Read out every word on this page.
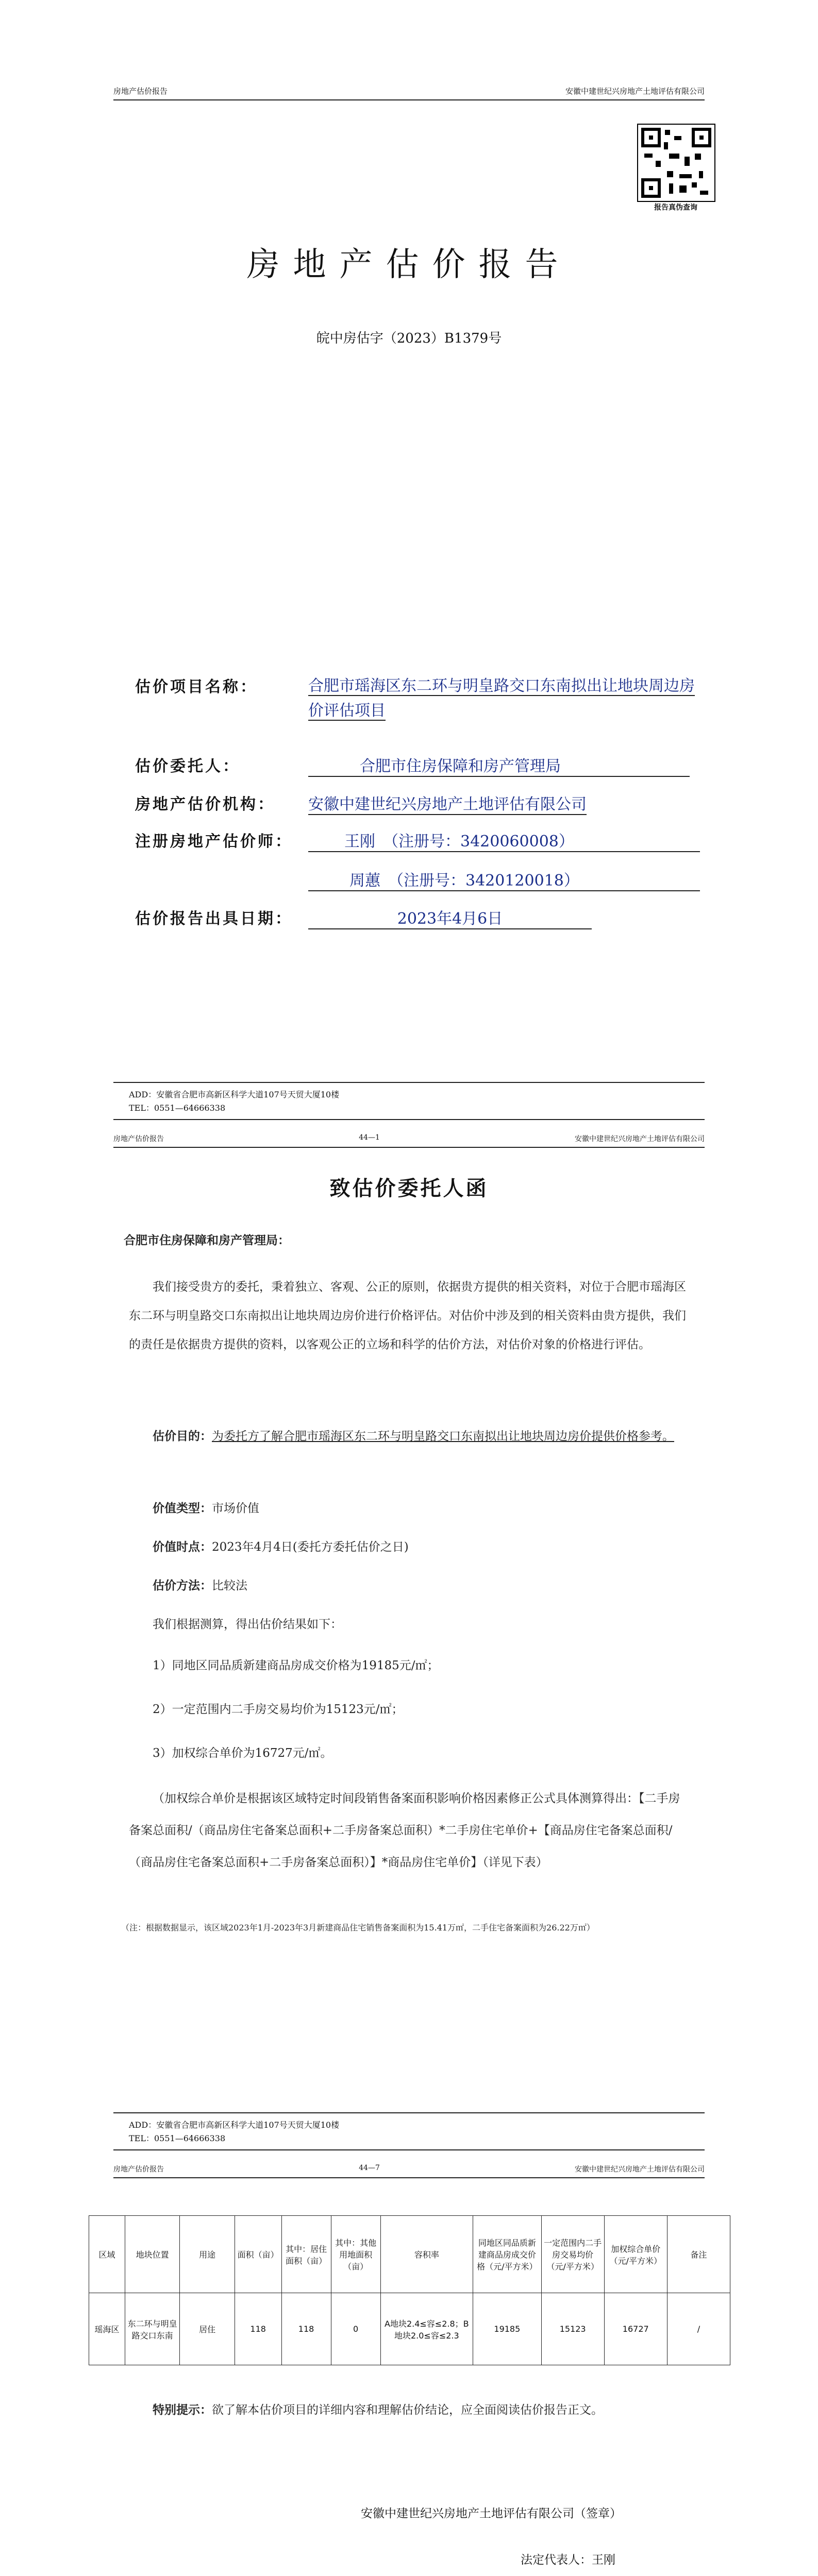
房地产估价报告	安徽中建世纪兴房地产土地评估有限公司
报告真伪查询
房地产估价报告
皖中房估字（2023）B1379号
估价项目名称：	合肥市瑶海区东二环与明皇路交口东南拟出让地块周边房价评估项目
估价委托人：	合肥市住房保障和房产管理局
房地产估价机构： 安徽中建世纪兴房地产土地评估有限公司
注册房地产估价师：	王刚　（注册号：3420060008）
周蕙　（注册号：3420120018）
估价报告出具日期：	2023年4月6日
ADD：安徽省合肥市高新区科学大道107号天贸大厦10楼
TEL：0551—64666338
房地产估价报告	44—1	安徽中建世纪兴房地产土地评估有限公司
致估价委托人函
合肥市住房保障和房产管理局：
我们接受贵方的委托，秉着独立、客观、公正的原则，依据贵方提供的相关资料，对位于合肥市瑶海区东二环与明皇路交口东南拟出让地块周边房价进行价格评估。对估价中涉及到的相关资料由贵方提供，我们的责任是依据贵方提供的资料，以客观公正的立场和科学的估价方法，对估价对象的价格进行评估。
估价目的：为委托方了解合肥市瑶海区东二环与明皇路交口东南拟出让地块周边房价提供价格参考。
价值类型：市场价值
价值时点：2023年4月4日(委托方委托估价之日)
估价方法：比较法
我们根据测算，得出估价结果如下：
1）同地区同品质新建商品房成交价格为19185元/㎡；
2）一定范围内二手房交易均价为15123元/㎡；
3）加权综合单价为16727元/㎡。
（加权综合单价是根据该区域特定时间段销售备案面积影响价格因素修正公式具体测算得出：【二手房备案总面积/（商品房住宅备案总面积+二手房备案总面积）*二手房住宅单价+【商品房住宅备案总面积/（商品房住宅备案总面积+二手房备案总面积）】*商品房住宅单价】（详见下表）
（注：根据数据显示，该区域2023年1月-2023年3月新建商品住宅销售备案面积为15.41万㎡，二手住宅备案面积为26.22万㎡）
ADD：安徽省合肥市高新区科学大道107号天贸大厦10楼
TEL：0551—64666338
房地产估价报告	44—7	安徽中建世纪兴房地产土地评估有限公司
区域	地块位置	用途	面积（亩）	其中：居住面积（亩）	其中：其他用地面积（亩）	容积率	同地区同品质新建商品房成交价格（元/平方米）	一定范围内二手房交易均价（元/平方米）	加权综合单价（元/平方米）	备注
瑶海区	东二环与明皇路交口东南	居住	118	118	0	A地块2.4≤容≤2.8；B地块2.0≤容≤2.3	19185	15123	16727	/
特别提示：欲了解本估价项目的详细内容和理解估价结论，应全面阅读估价报告正文。
安徽中建世纪兴房地产土地评估有限公司（签章）
法定代表人：王刚
